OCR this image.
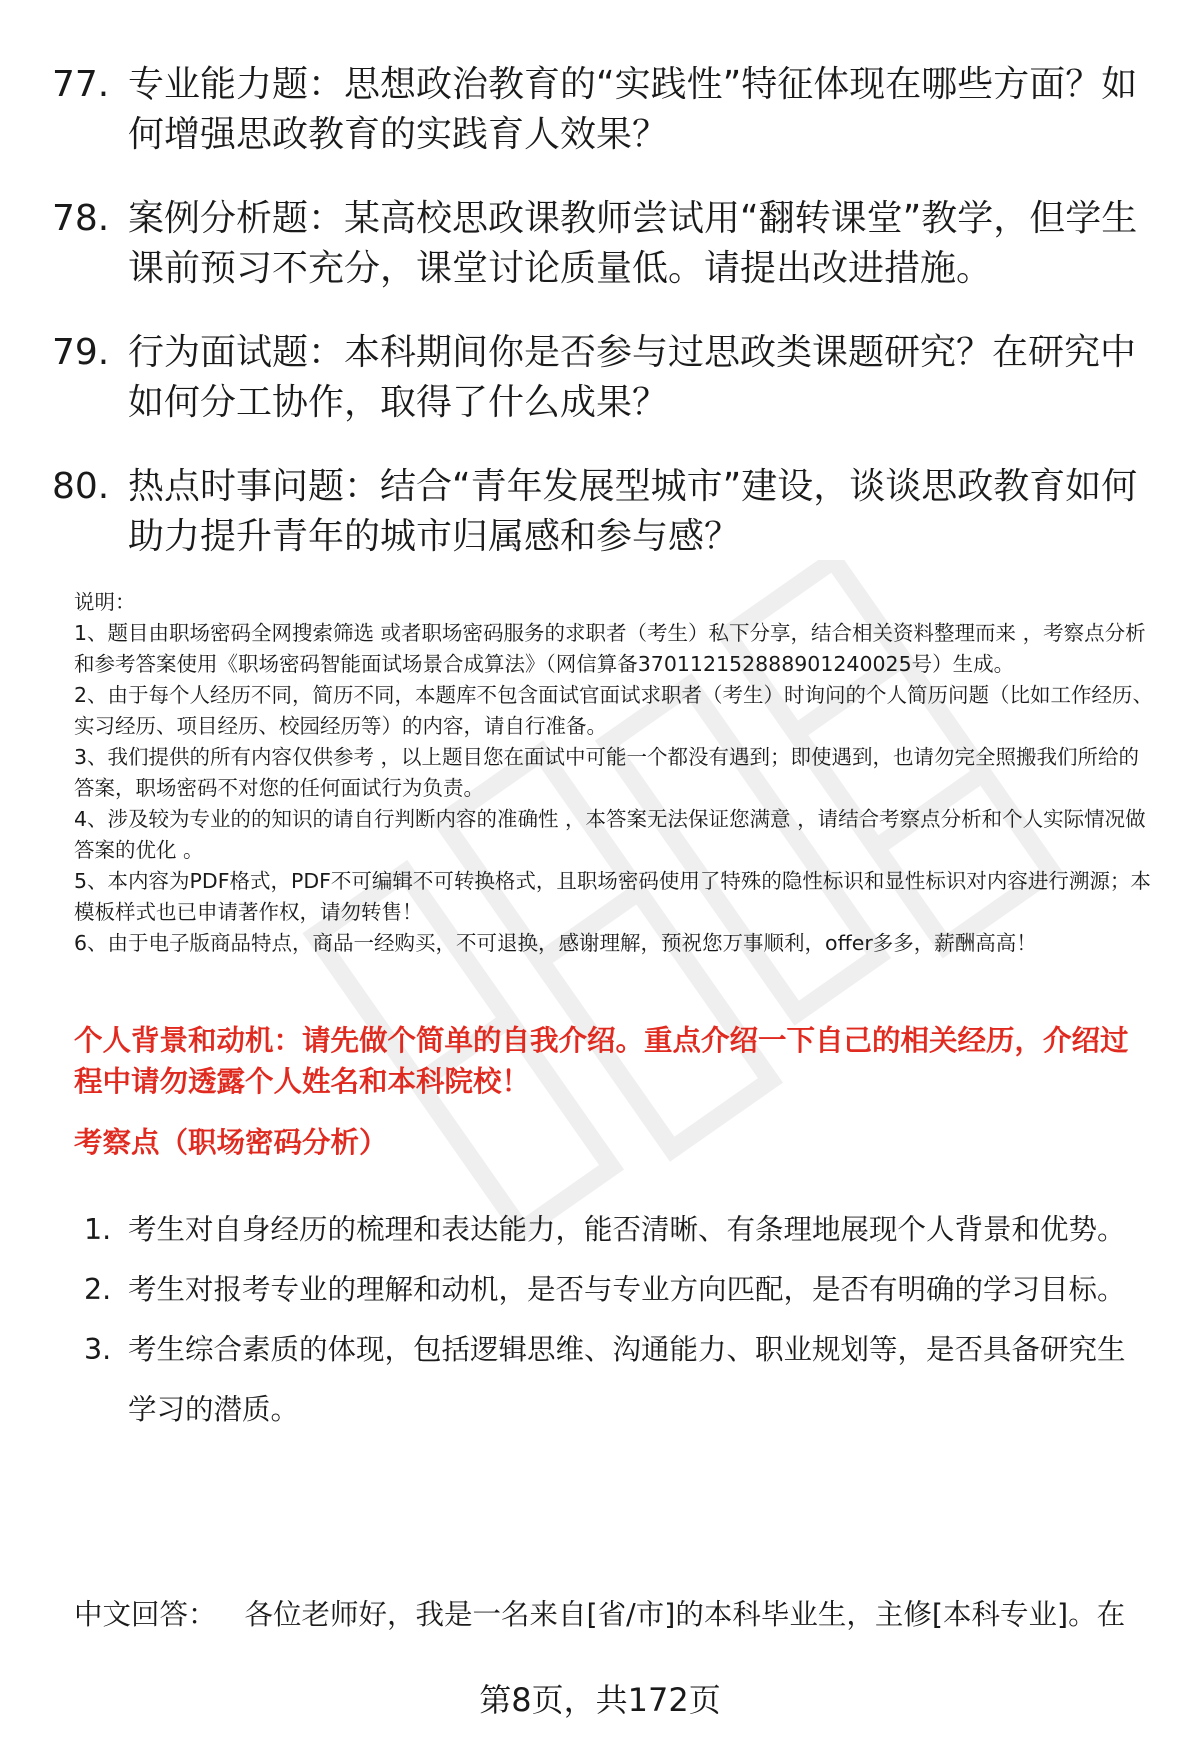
77. 专业能力题：思想政治教育的“实践性”特征体现在哪些方面？如何增强思政教育的实践育人效果？
78. 案例分析题：某高校思政课教师尝试用“翻转课堂”教学，但学生课前预习不充分，课堂讨论质量低。请提出改进措施。
79. 行为面试题：本科期间你是否参与过思政类课题研究？在研究中如何分工协作，取得了什么成果？
80. 热点时事问题：结合“青年发展型城市”建设，谈谈思政教育如何助力提升青年的城市归属感和参与感？

说明：

1、题目由职场密码全网搜索筛选 或者职场密码服务的求职者（考生）私下分享，结合相关资料整理而来 ，考察点分析和参考答案使用《职场密码智能面试场景合成算法》（网信算备370112152888901240025号）生成。

2、由于每个人经历不同，简历不同，本题库不包含面试官面试求职者（考生）时询问的个人简历问题（比如工作经历、实习经历、项目经历、校园经历等）的内容，请自行准备。

3、我们提供的所有内容仅供参考 ，以上题目您在面试中可能一个都没有遇到；即使遇到，也请勿完全照搬我们所给的答案，职场密码不对您的任何面试行为负责。

4、涉及较为专业的的知识的请自行判断内容的准确性 ，本答案无法保证您满意 ，请结合考察点分析和个人实际情况做答案的优化 。

5、本内容为PDF格式，PDF不可编辑不可转换格式，且职场密码使用了特殊的隐性标识和显性标识对内容进行溯源；本模板样式也已申请著作权，请勿转售！

6、由于电子版商品特点，商品一经购买，不可退换，感谢理解，预祝您万事顺利，offer多多，薪酬高高！

个人背景和动机：请先做个简单的自我介绍。重点介绍一下自己的相关经历，介绍过程中请勿透露个人姓名和本科院校！
考察点（职场密码分析）
1. 考生对自身经历的梳理和表达能力，能否清晰、有条理地展现个人背景和优势。
2. 考生对报考专业的理解和动机，是否与专业方向匹配，是否有明确的学习目标。
3. 考生综合素质的体现，包括逻辑思维、沟通能力、职业规划等，是否具备研究生学习的潜质。
中文回答： 各位老师好，我是一名来自[省/市]的本科毕业生，主修[本科专业]。在
第8页，共172页
